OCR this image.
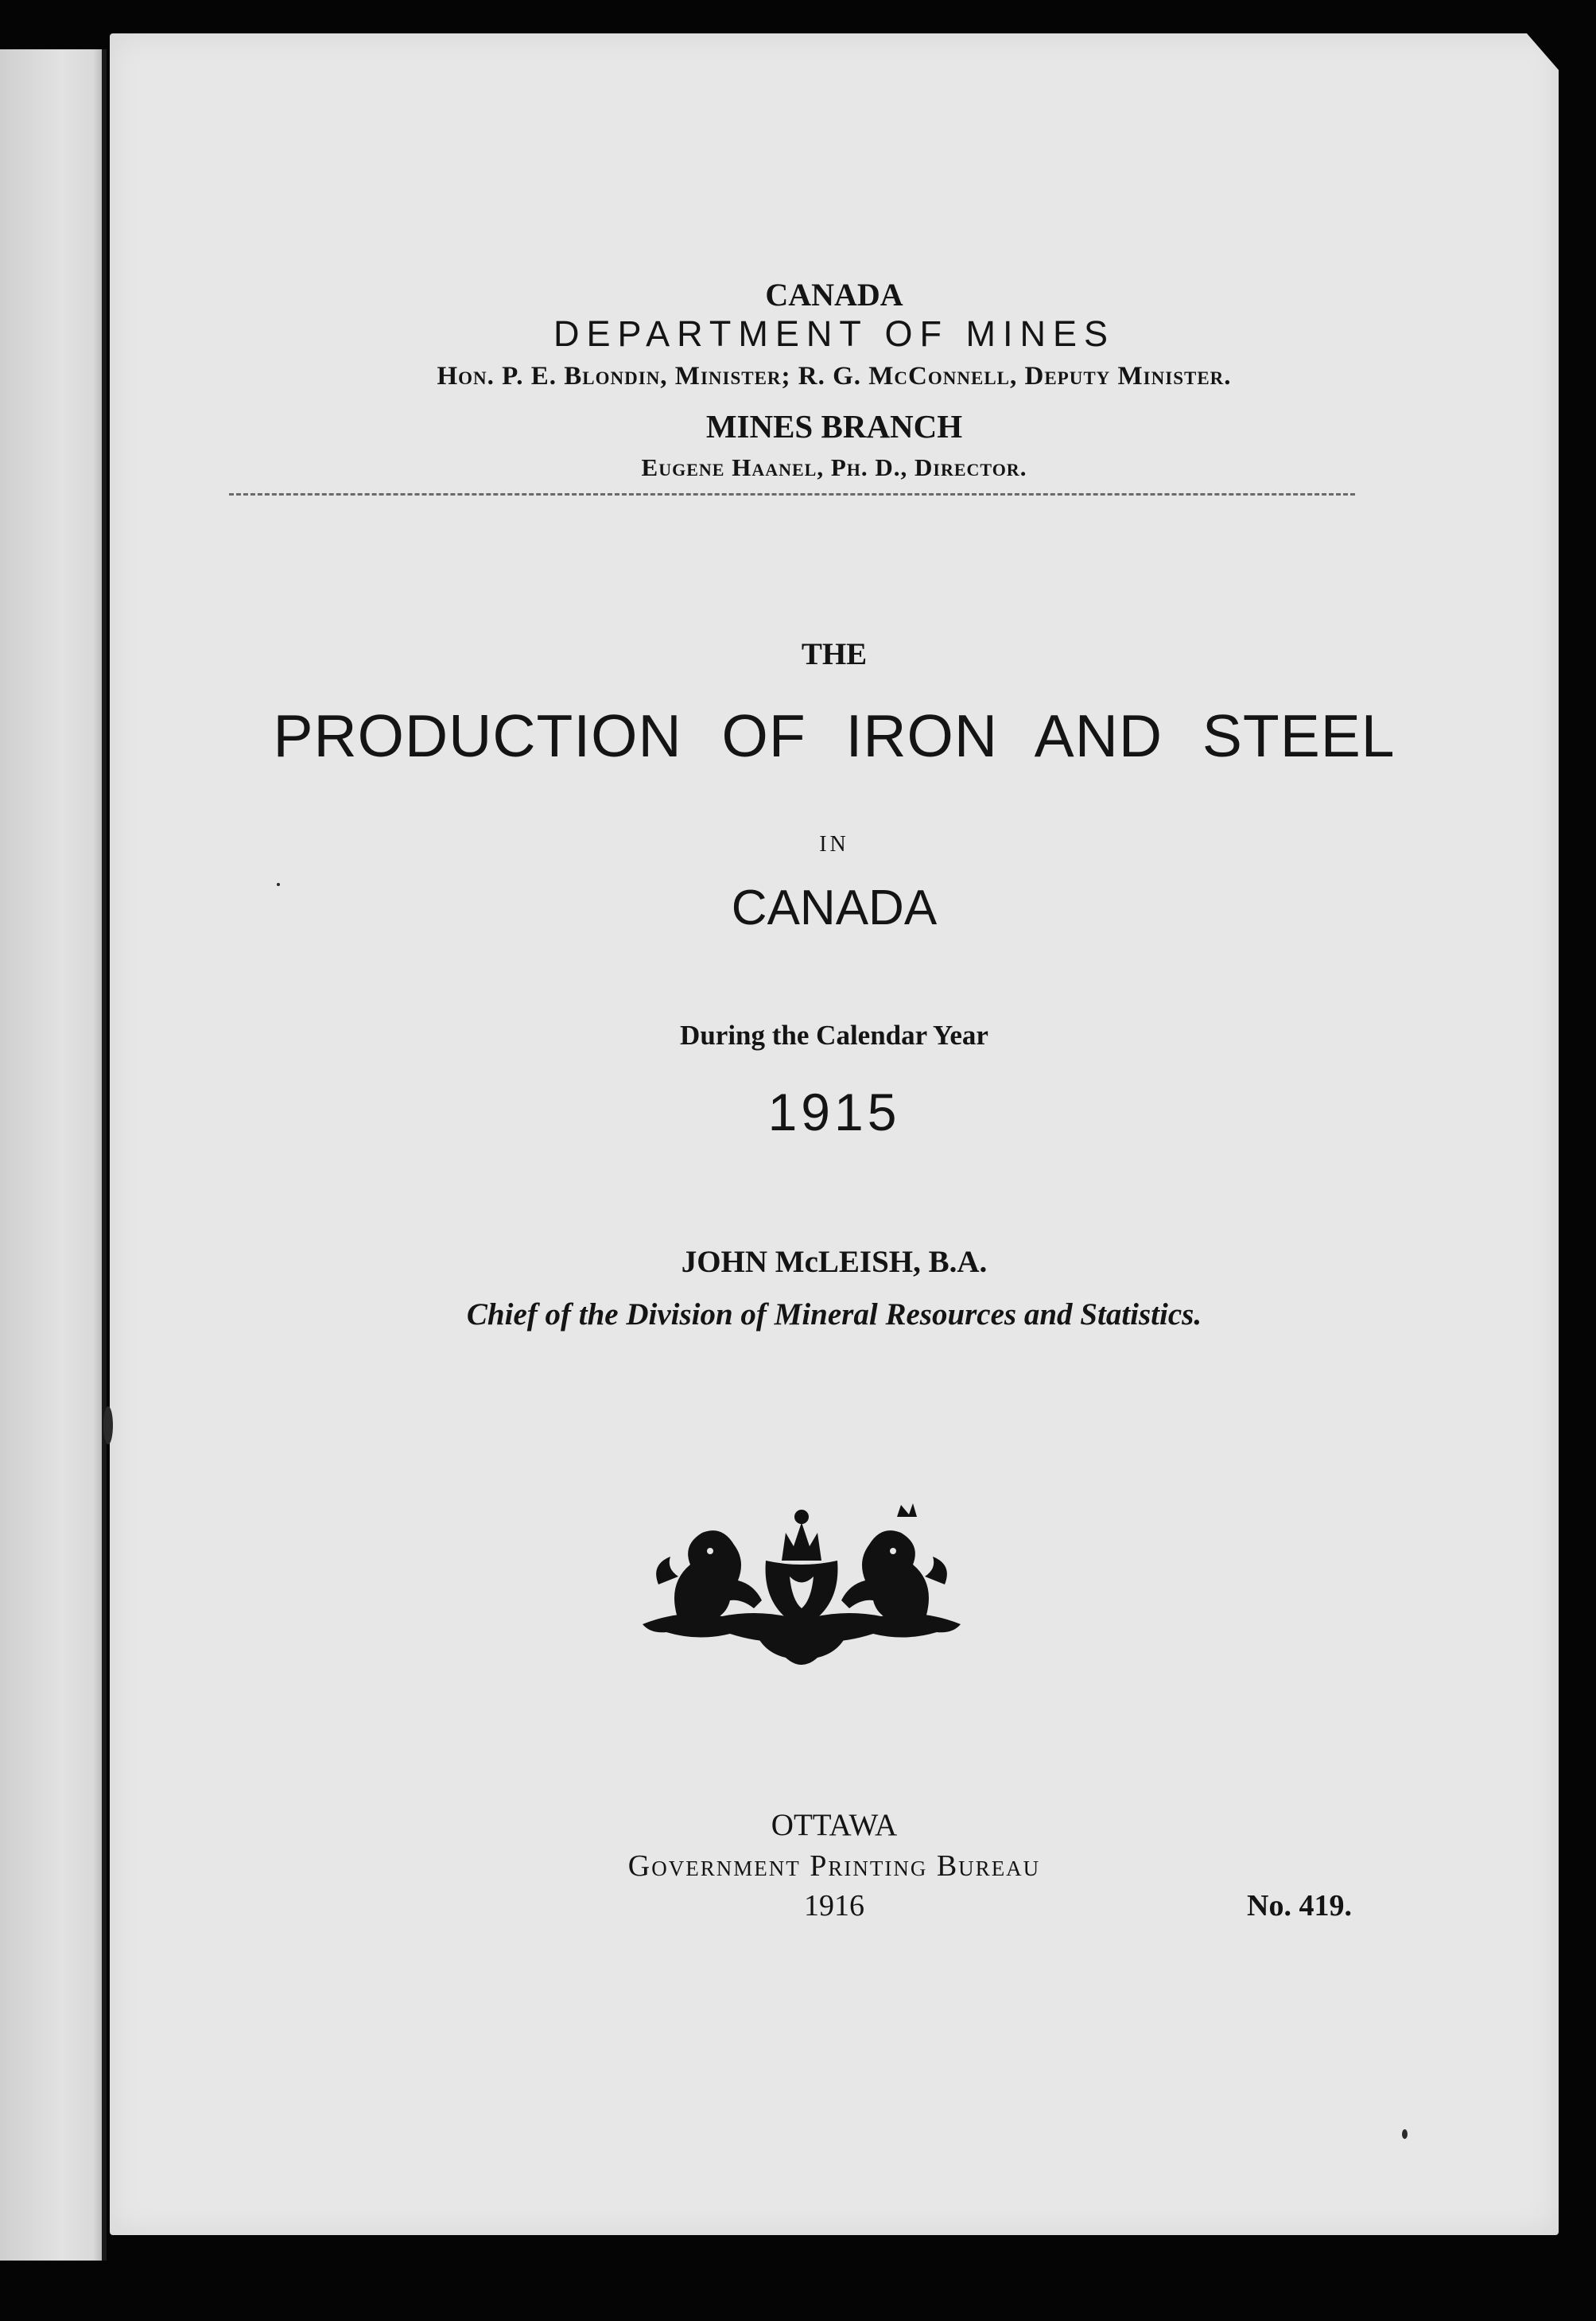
CANADA
DEPARTMENT OF MINES
Hon. P. E. Blondin, Minister; R. G. McConnell, Deputy Minister.
MINES BRANCH
Eugene Haanel, Ph. D., Director.
THE
PRODUCTION OF IRON AND STEEL
IN
CANADA
During the Calendar Year
1915
JOHN McLEISH, B.A.
Chief of the Division of Mineral Resources and Statistics.
OTTAWA
Government Printing Bureau
1916	No. 419.
